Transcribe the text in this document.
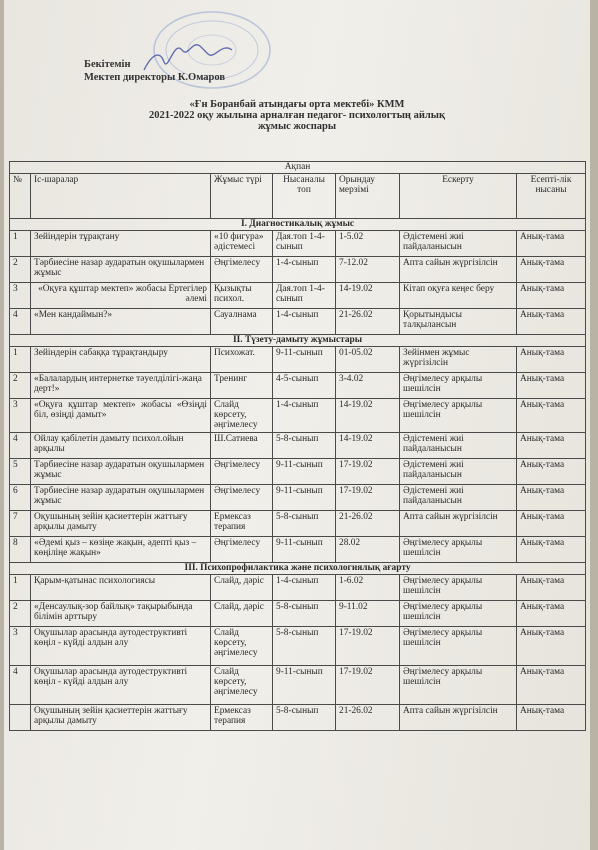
Бекітемін
Мектеп директоры К.Омаров
«Ғн Боранбай атындағы орта мектебі» КММ
2021-2022 оқу жылына арналған педагог- психологтың айлық
жұмыс жоспары
Ақпан						
№	Іс-шаралар	Жұмыс түрі	Нысаналы топ	Орындау мерзімі	Ескерту	Есепті-лік нысаны
I. Диагностикалық жұмыс						
1	Зейіндерін тұрақтану	«10 фигура» әдістемесі	Дая.топ 1-4-сынып	1-5.02	Әдістемені жиі пайдаланысын	Анық-тама
2	Тәрбиесіне назар аударатын оқушылармен жұмыс	Әңгімелесу	1-4-сынып	7-12.02	Апта сайын жүргізілсін	Анық-тама
3	«Оқуға құштар мектеп» жобасы Ертегілер әлемі	Қызықты психол.	Дая.топ 1-4-сынып	14-19.02	Кітап оқуға кеңес беру	Анық-тама
4	«Мен кандаймын?»	Сауалнама	1-4-сынып	21-26.02	Қорытындысы талқылансын	Анық-тама
II. Түзету-дамыту жұмыстары						
1	Зейіндерін сабаққа тұрақтандыру	Психожат.	9-11-сынып	01-05.02	Зейінмен жұмыс жүргізілсін	Анық-тама
2	«Балалардың интернетке тәуелділігі-жаңа дерт!»	Тренинг	4-5-сынып	3-4.02	Әңгімелесу арқылы шешілсін	Анық-тама
3	«Оқуға құштар мектеп» жобасы «Өзіңді біл, өзіңді дамыт»	Слайд көрсету, әңгімелесу	1-4-сынып	14-19.02	Әңгімелесу арқылы шешілсін	Анық-тама
4	Ойлау қабілетін дамыту психол.ойын арқылы	Ш.Сатиева	5-8-сынып	14-19.02	Әдістемені жиі пайдаланысын	Анық-тама
5	Тәрбиесіне назар аударатын оқушылармен жұмыс	Әңгімелесу	9-11-сынып	17-19.02	Әдістемені жиі пайдаланысын	Анық-тама
6	Тәрбиесіне назар аударатын оқушылармен жұмыс	Әңгімелесу	9-11-сынып	17-19.02	Әдістемені жиі пайдаланысын	Анық-тама
7	Оқушының зейін қасиеттерін жаттығу арқылы дамыту	Ермексаз терапия	5-8-сынып	21-26.02	Апта сайын жүргізілсін	Анық-тама
8	«Әдемі қыз – көзіңе жақын, әдепті қыз – көңіліңе жақын»	Әңгімелесу	9-11-сынып	28.02	Әңгімелесу арқылы шешілсін	Анық-тама
III. Психопрофилактика және психологиялық ағарту						
1	Қарым-қатынас психологиясы	Слайд, дәріс	1-4-сынып	1-6.02	Әңгімелесу арқылы шешілсін	Анық-тама
2	«Денсаулық-зор байлық» тақырыбында білімін арттыру	Слайд, дәріс	5-8-сынып	9-11.02	Әңгімелесу арқылы шешілсін	Анық-тама
3	Оқушылар арасында аутодеструктивті көңіл - күйді алдын алу	Слайд көрсету, әңгімелесу	5-8-сынып	17-19.02	Әңгімелесу арқылы шешілсін	Анық-тама
4	Оқушылар арасында аутодеструктивті көңіл - күйді алдын алу	Слайд көрсету, әңгімелесу	9-11-сынып	17-19.02	Әңгімелесу арқылы шешілсін	Анық-тама
	Оқушының зейін қасиеттерін жаттығу арқылы дамыту	Ермексаз терапия	5-8-сынып	21-26.02	Апта сайын жүргізілсін	Анық-тама
